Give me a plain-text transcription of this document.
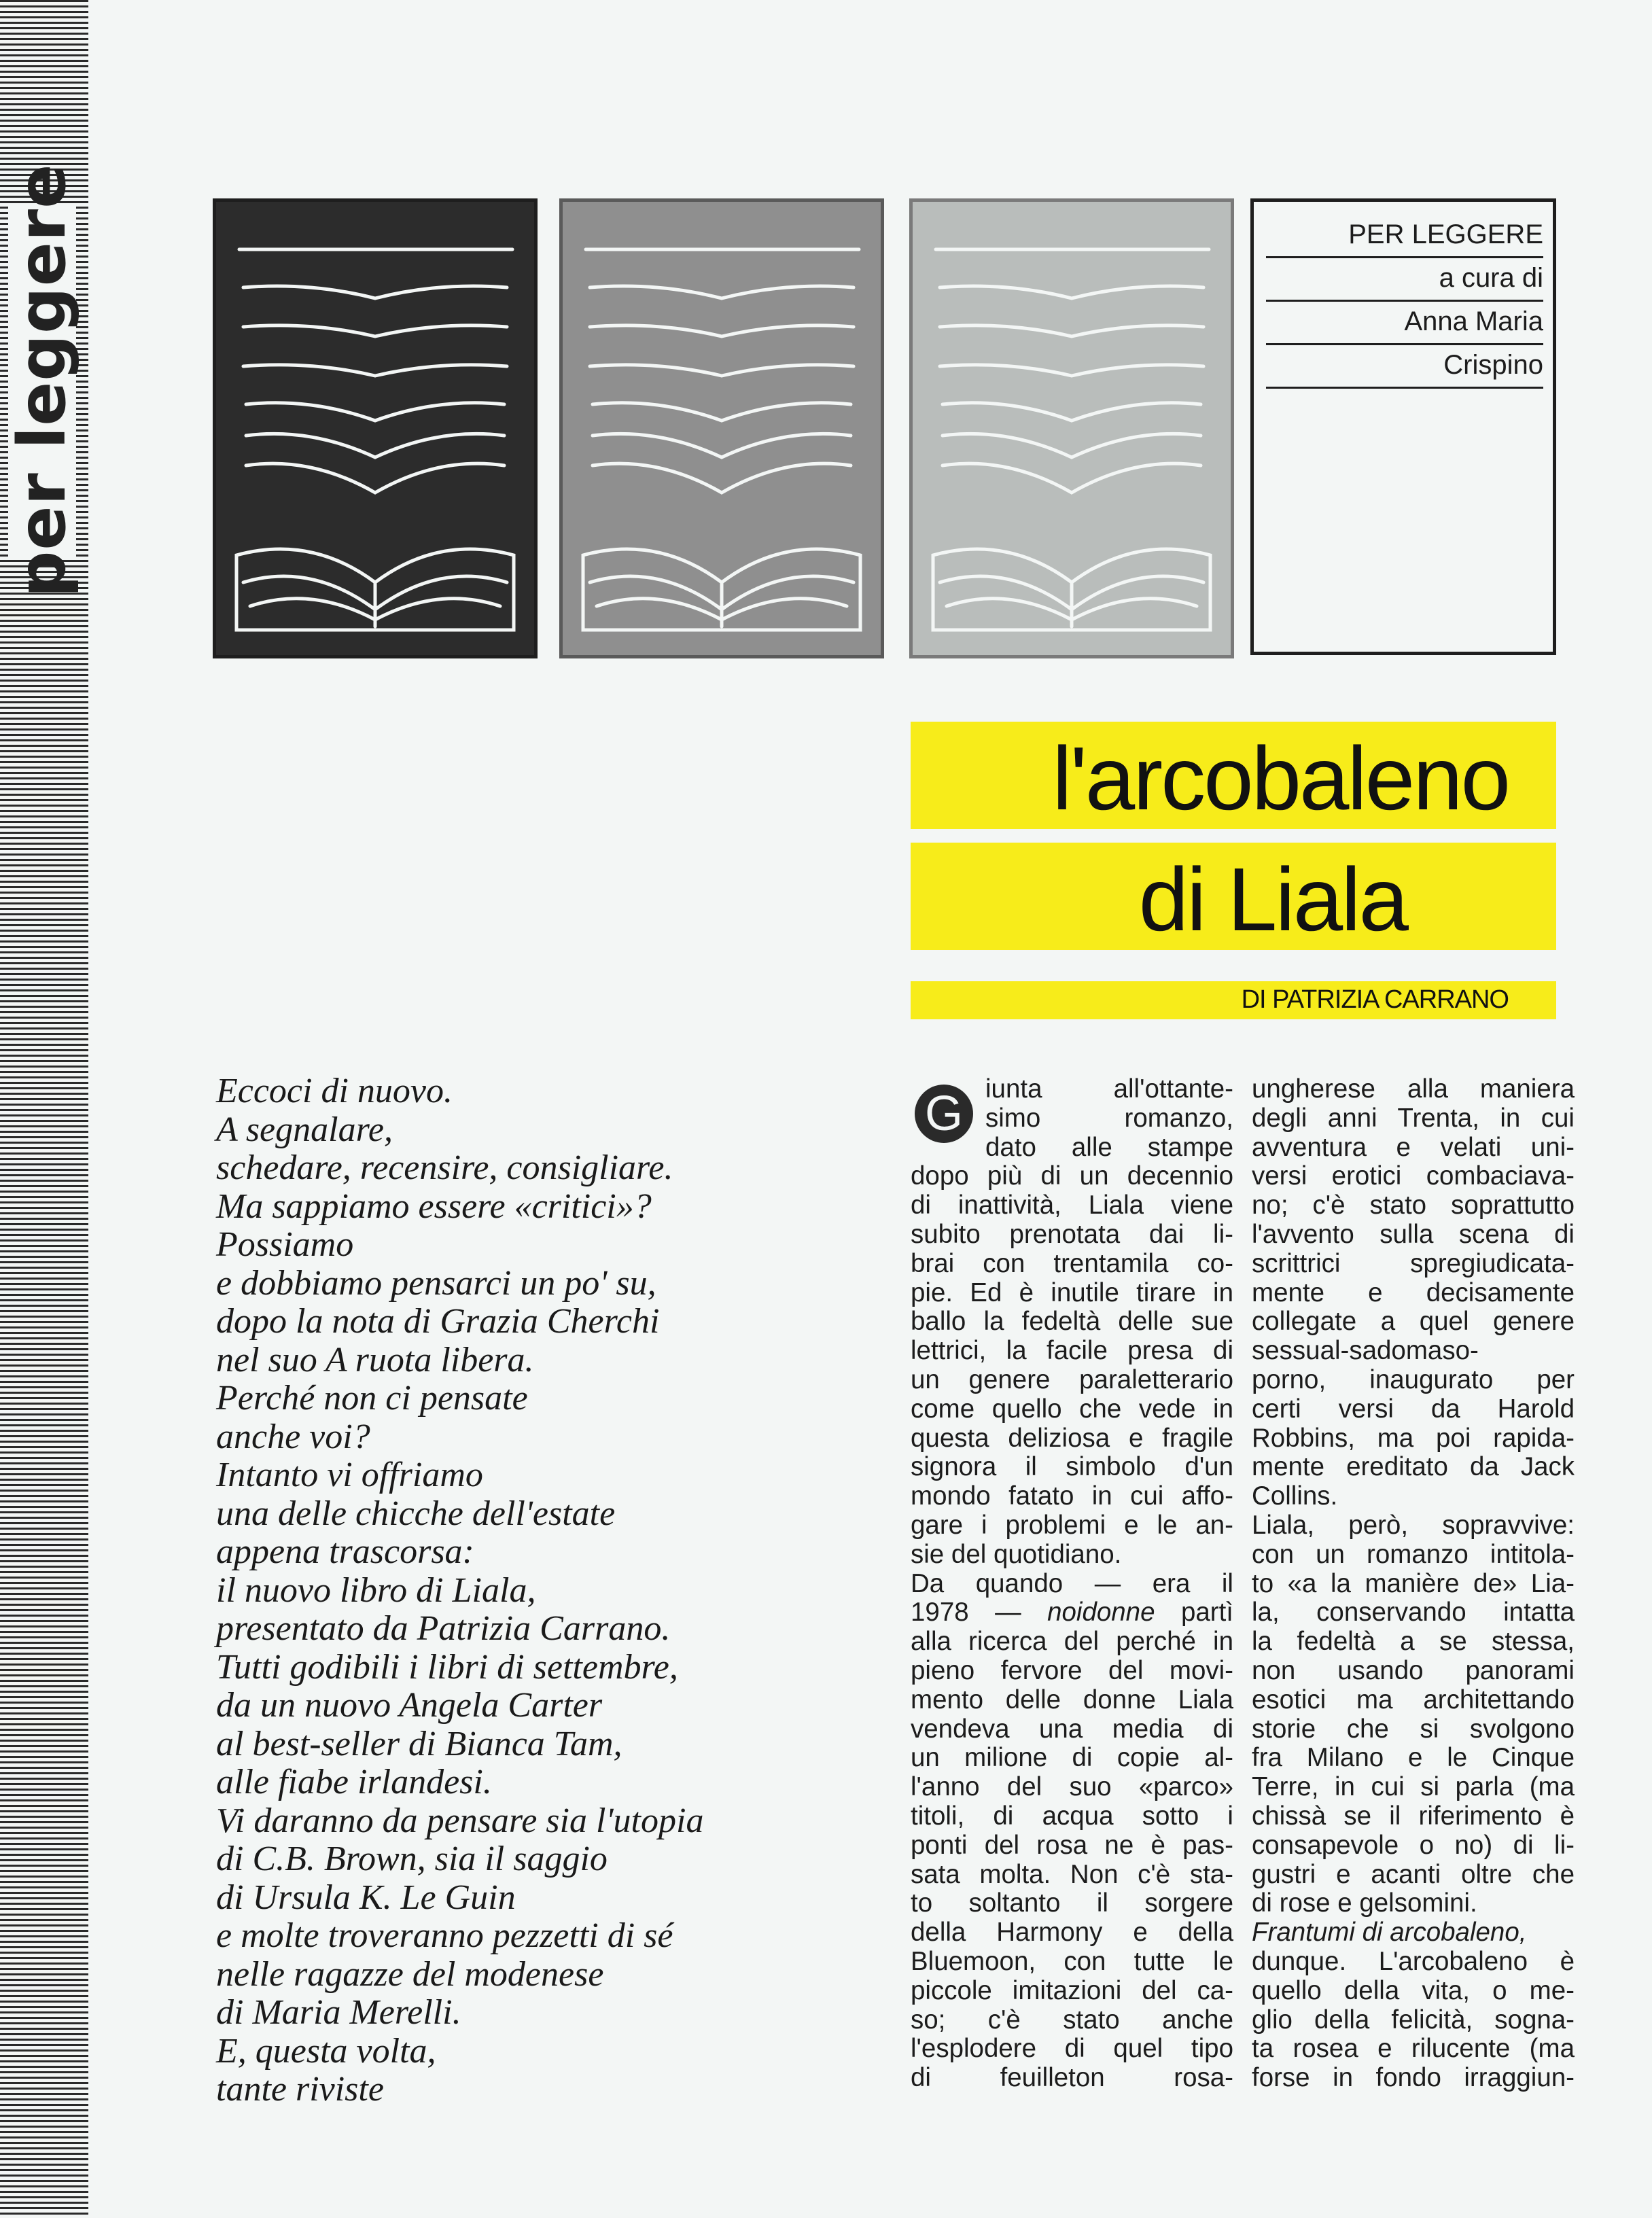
per leggere	PER LEGGERE
a cura di
Anna Maria
Crispino
l'arcobaleno
di Liala
DI PATRIZIA CARRANO
Eccoci di nuovo.
A segnalare,
schedare, recensire, consigliare.
Ma sappiamo essere «critici»?
Possiamo
e dobbiamo pensarci un po' su,
dopo la nota di Grazia Cherchi
nel suo A ruota libera.
Perché non ci pensate
anche voi?
Intanto vi offriamo
una delle chicche dell'estate
appena trascorsa:
il nuovo libro di Liala,
presentato da Patrizia Carrano.
Tutti godibili i libri di settembre,
da un nuovo Angela Carter
al best-seller di Bianca Tam,
alle fiabe irlandesi.
Vi daranno da pensare sia l'utopia
di C.B. Brown, sia il saggio
di Ursula K. Le Guin
e molte troveranno pezzetti di sé
nelle ragazze del modenese
di Maria Merelli.
E, questa volta,
tante riviste
G iunta all'ottante-
simo romanzo,
dato alle stampe
dopo più di un decennio
di inattività, Liala viene
subito prenotata dai li-
brai con trentamila co-
pie. Ed è inutile tirare in
ballo la fedeltà delle sue
lettrici, la facile presa di
un genere paraletterario
come quello che vede in
questa deliziosa e fragile
signora il simbolo d'un
mondo fatato in cui affo-
gare i problemi e le an-
sie del quotidiano.
Da quando — era il
1978 — noidonne partì
alla ricerca del perché in
pieno fervore del movi-
mento delle donne Liala
vendeva una media di
un milione di copie al-
l'anno del suo «parco»
titoli, di acqua sotto i
ponti del rosa ne è pas-
sata molta. Non c'è sta-
to soltanto il sorgere
della Harmony e della
Bluemoon, con tutte le
piccole imitazioni del ca-
so; c'è stato anche
l'esplodere di quel tipo
di feuilleton rosa-
ungherese alla maniera
degli anni Trenta, in cui
avventura e velati uni-
versi erotici combaciava-
no; c'è stato soprattutto
l'avvento sulla scena di
scrittrici spregiudicata-
mente e decisamente
collegate a quel genere
sessual-sadomaso-
porno, inaugurato per
certi versi da Harold
Robbins, ma poi rapida-
mente ereditato da Jack
Collins.
Liala, però, sopravvive:
con un romanzo intitola-
to «a la manière de» Lia-
la, conservando intatta
la fedeltà a se stessa,
non usando panorami
esotici ma architettando
storie che si svolgono
fra Milano e le Cinque
Terre, in cui si parla (ma
chissà se il riferimento è
consapevole o no) di li-
gustri e acanti oltre che
di rose e gelsomini.
Frantumi di arcobaleno,
dunque. L'arcobaleno è
quello della vita, o me-
glio della felicità, sogna-
ta rosea e rilucente (ma
forse in fondo irraggiun-
